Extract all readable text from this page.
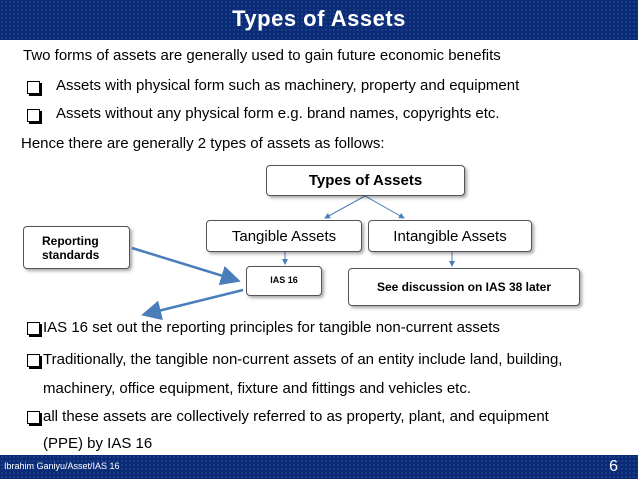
Types of Assets
Two forms of assets are generally used to gain future economic benefits
Assets with physical form such as machinery, property and equipment
Assets without any physical form e.g. brand names, copyrights etc.
Hence there are generally 2 types of assets as follows:
Types of Assets
Tangible Assets	Intangible Assets
Reporting
standards
IAS 16	See discussion on IAS 38 later
IAS 16 set out the reporting principles for tangible non-current assets
Traditionally, the tangible non-current assets of an entity include land, building,
machinery, office equipment, fixture and fittings and vehicles etc.
all these assets are collectively referred to as property, plant, and equipment
(PPE) by IAS 16
Ibrahim Ganiyu/Asset/IAS 16	6
